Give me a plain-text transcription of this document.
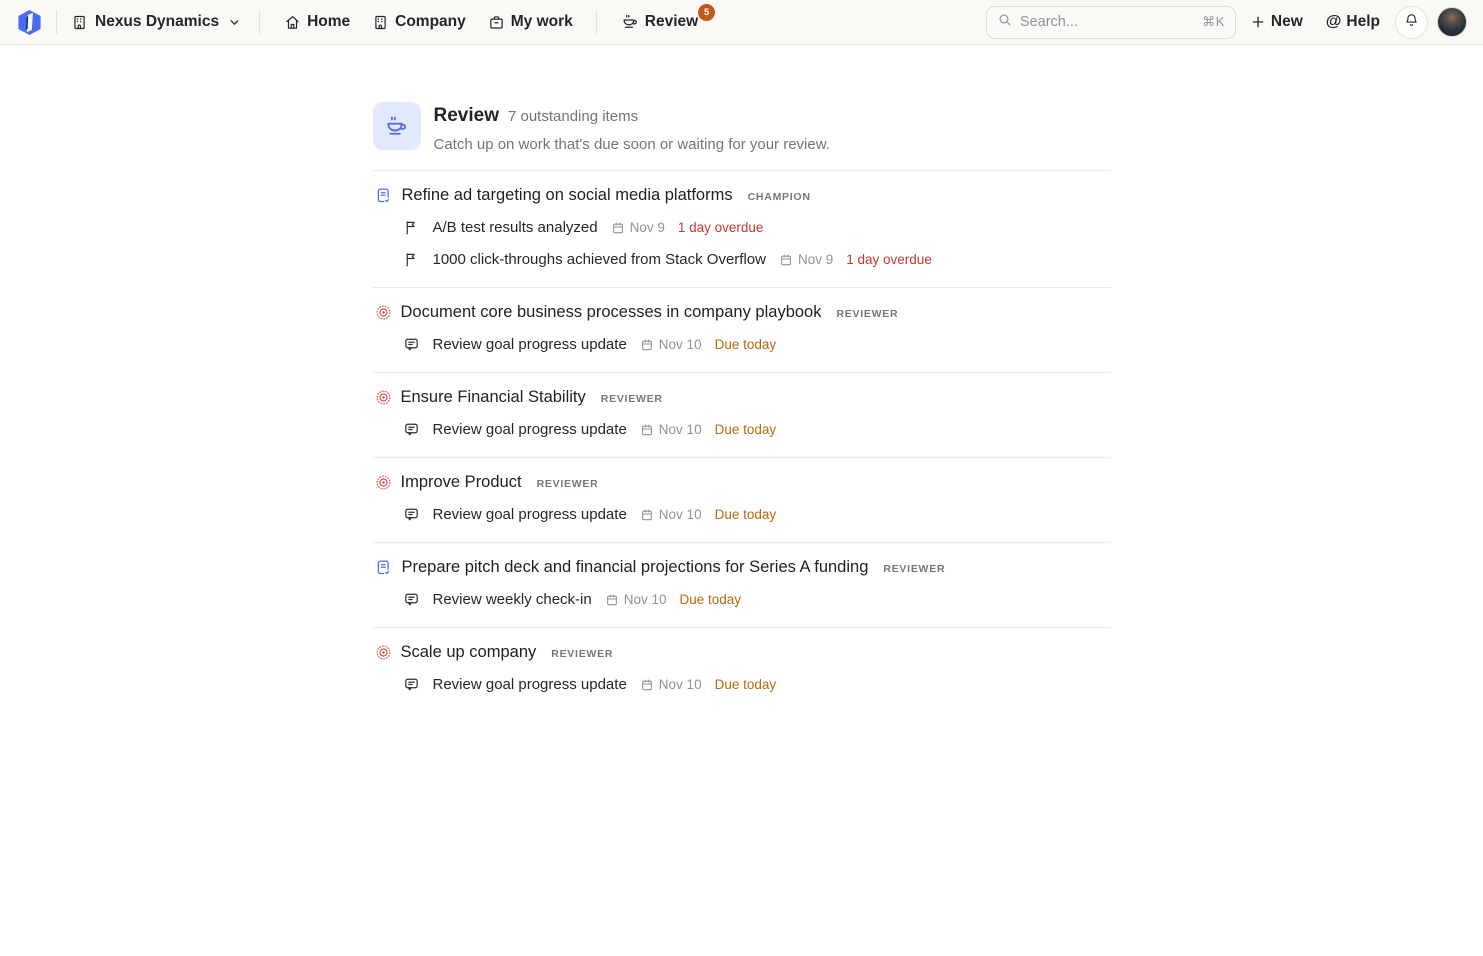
Nexus Dynamics	Home	Company	My work	Review
5
Search...
⌘K	New @ Help
Review 7 outstanding items
Catch up on work that's due soon or waiting for your review.
Refine ad targeting on social media platforms CHAMPION
A/B test results analyzed Nov 9 1 day overdue
1000 click-throughs achieved from Stack Overflow Nov 9 1 day overdue
Document core business processes in company playbook REVIEWER
Review goal progress update Nov 10 Due today
Ensure Financial Stability REVIEWER
Review goal progress update Nov 10 Due today
Improve Product REVIEWER
Review goal progress update Nov 10 Due today
Prepare pitch deck and financial projections for Series A funding REVIEWER
Review weekly check-in Nov 10 Due today
Scale up company REVIEWER
Review goal progress update Nov 10 Due today
